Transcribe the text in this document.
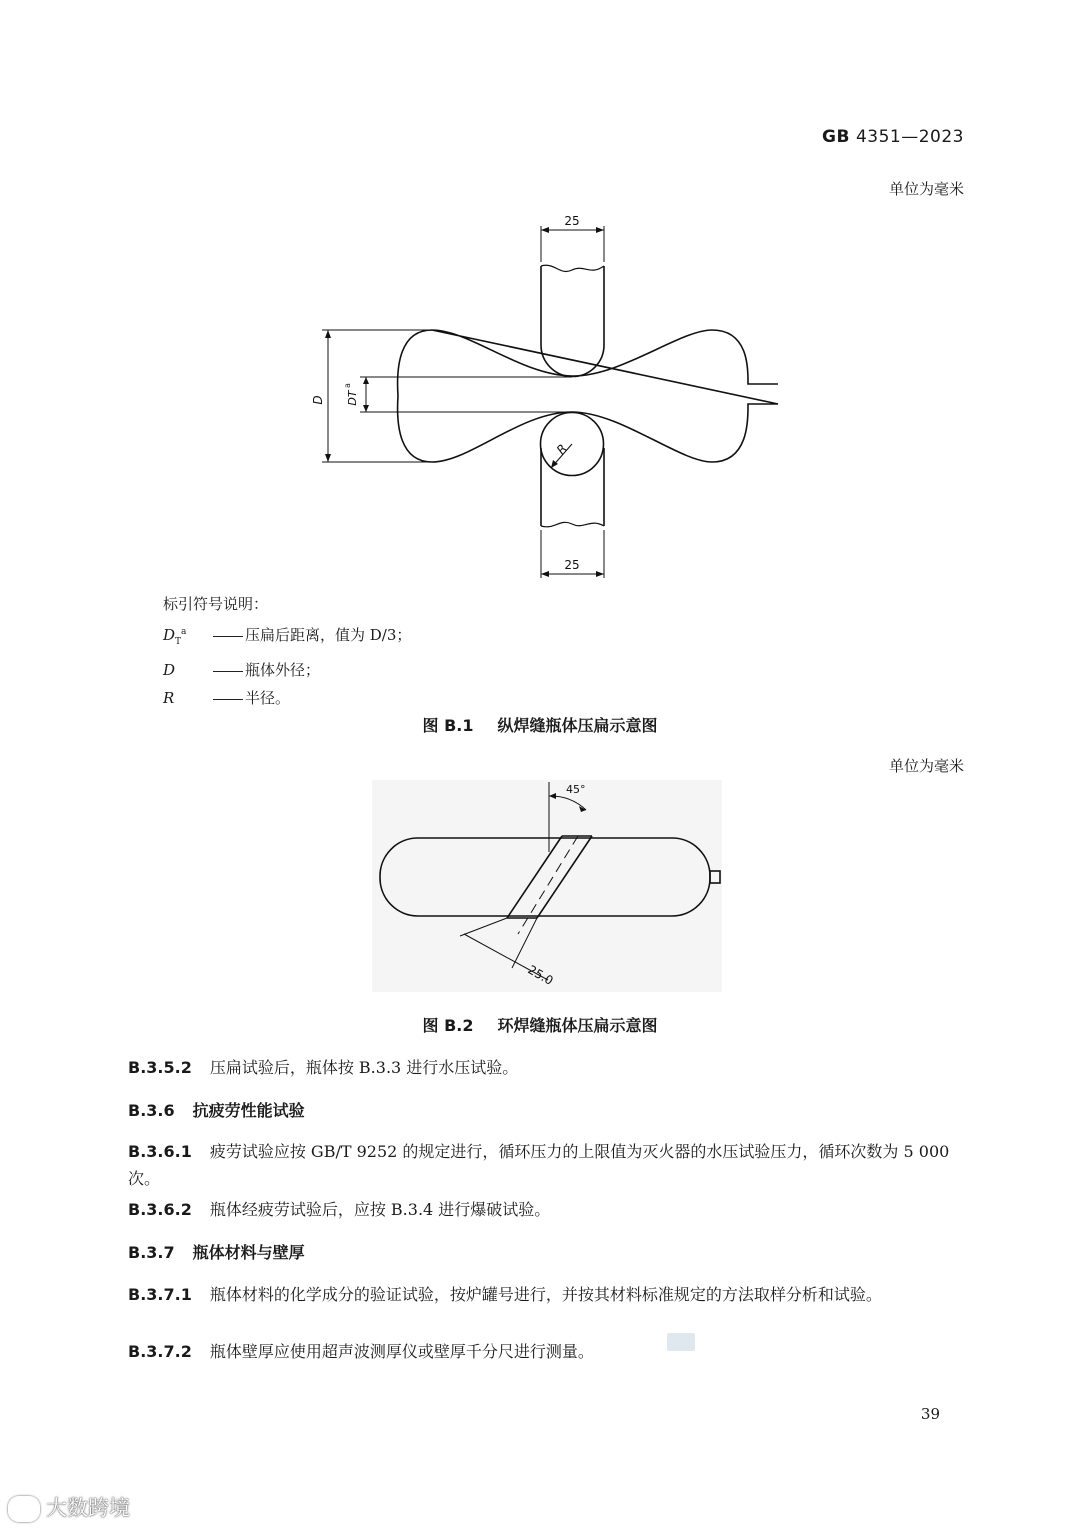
GB 4351—2023
单位为毫米
25
25
D DT
a
R
标引符号说明：
$D_T^a$	压扁后距离，值为 D/3；
D	瓶体外径；
R	半径。
图 B.1 纵焊缝瓶体压扁示意图
单位为毫米
45°
25.0
图 B.2 环焊缝瓶体压扁示意图
B.3.5.2 压扁试验后，瓶体按 B.3.3 进行水压试验。
B.3.6 抗疲劳性能试验
B.3.6.1 疲劳试验应按 GB/T 9252 的规定进行，循环压力的上限值为灭火器的水压试验压力，循环次数为 5 000 次。
B.3.6.2 瓶体经疲劳试验后，应按 B.3.4 进行爆破试验。
B.3.7 瓶体材料与壁厚
B.3.7.1 瓶体材料的化学成分的验证试验，按炉罐号进行，并按其材料标准规定的方法取样分析和试验。
B.3.7.2 瓶体壁厚应使用超声波测厚仪或壁厚千分尺进行测量。
39
大数跨境
